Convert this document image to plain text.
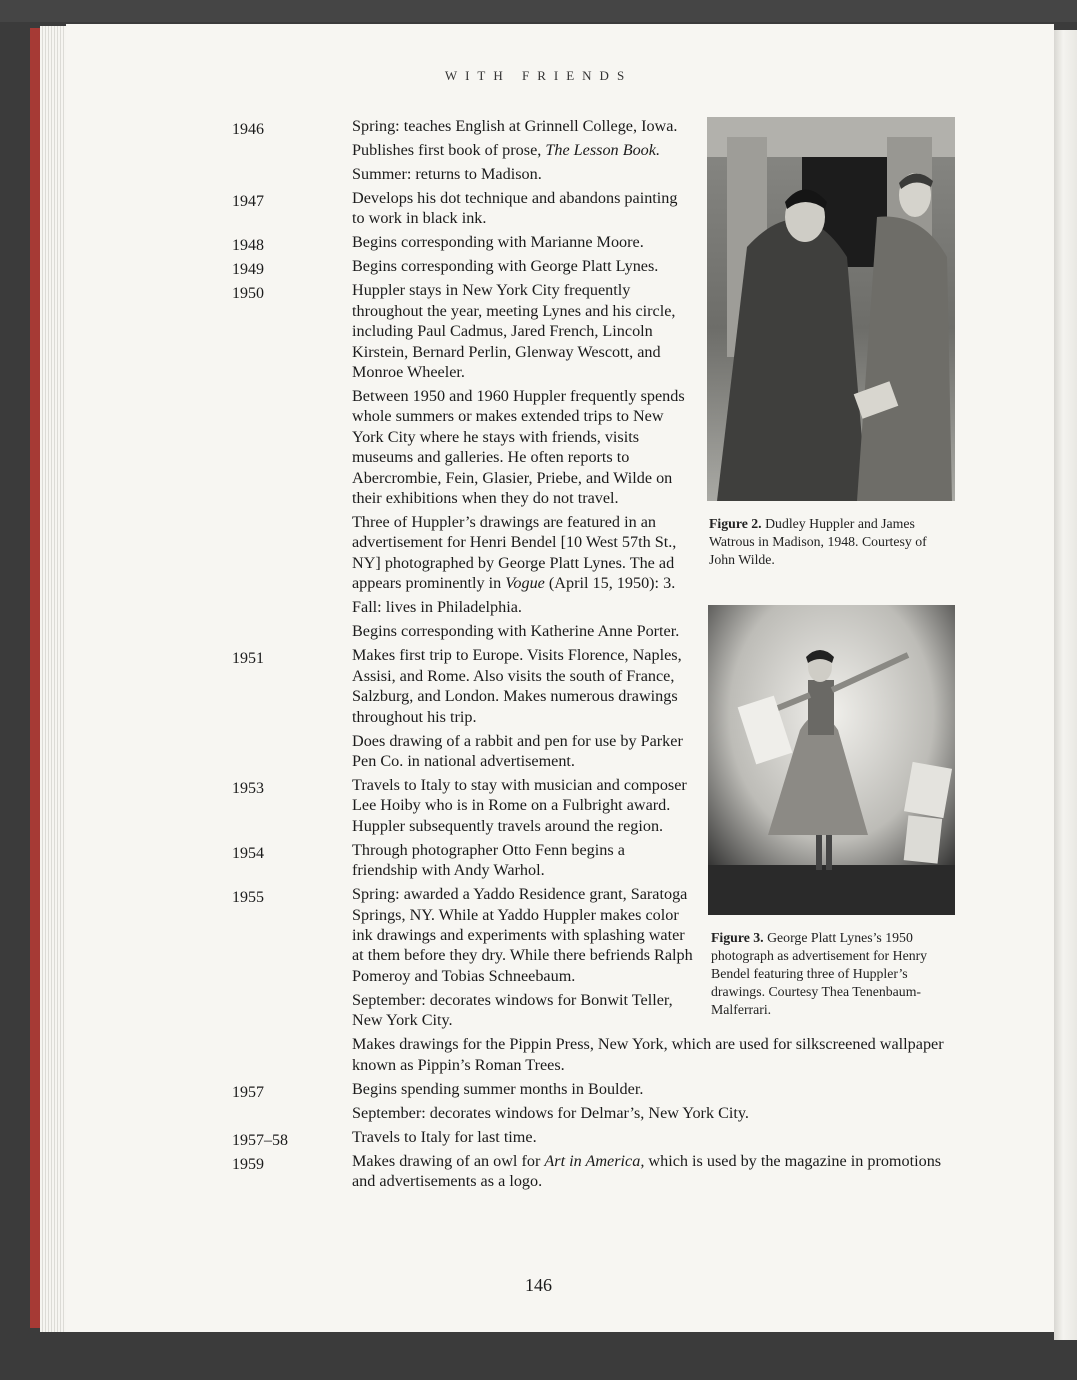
WITH FRIENDS
1946	Spring: teaches English at Grinnell College, Iowa.

Publishes first book of prose, The Lesson Book.

Summer: returns to Madison.

1947	Develops his dot technique and abandons painting to work in black ink.

1948	Begins corresponding with Marianne Moore.

1949	Begins corresponding with George Platt Lynes.

1950	Huppler stays in New York City frequently throughout the year, meeting Lynes and his circle, including Paul Cadmus, Jared French, Lincoln Kirstein, Bernard Perlin, Glenway Wescott, and Monroe Wheeler.

Between 1950 and 1960 Huppler frequently spends whole summers or makes extended trips to New York City where he stays with friends, visits museums and galleries. He often reports to Abercrombie, Fein, Glasier, Priebe, and Wilde on their exhibitions when they do not travel.

Three of Huppler’s drawings are featured in an advertisement for Henri Bendel [10 West 57th St., NY] photographed by George Platt Lynes. The ad appears prominently in Vogue (April 15, 1950): 3.

Fall: lives in Philadelphia.

Begins corresponding with Katherine Anne Porter.

1951	Makes first trip to Europe. Visits Florence, Naples, Assisi, and Rome. Also visits the south of France, Salzburg, and London. Makes numerous drawings throughout his trip.

Does drawing of a rabbit and pen for use by Parker Pen Co. in national advertisement.

1953	Travels to Italy to stay with musician and composer Lee Hoiby who is in Rome on a Fulbright award. Huppler subsequently travels around the region.

1954	Through photographer Otto Fenn begins a friendship with Andy Warhol.

1955	Spring: awarded a Yaddo Residence grant, Saratoga Springs, NY. While at Yaddo Huppler makes color ink drawings and experiments with splashing water at them before they dry. While there befriends Ralph Pomeroy and Tobias Schneebaum.

September: decorates windows for Bonwit Teller, New York City.

Makes drawings for the Pippin Press, New York, which are used for silkscreened wallpaper known as Pippin’s Roman Trees.

1957	Begins spending summer months in Boulder.

September: decorates windows for Delmar’s, New York City.

1957–58	Travels to Italy for last time.

1959	Makes drawing of an owl for Art in America, which is used by the magazine in promotions and advertisements as a logo.

Figure 2. Dudley Huppler and James Watrous in Madison, 1948. Courtesy of John Wilde.
Figure 3. George Platt Lynes’s 1950 photograph as advertisement for Henry Bendel featuring three of Huppler’s drawings. Courtesy Thea Tenenbaum-Malferrari.
146
